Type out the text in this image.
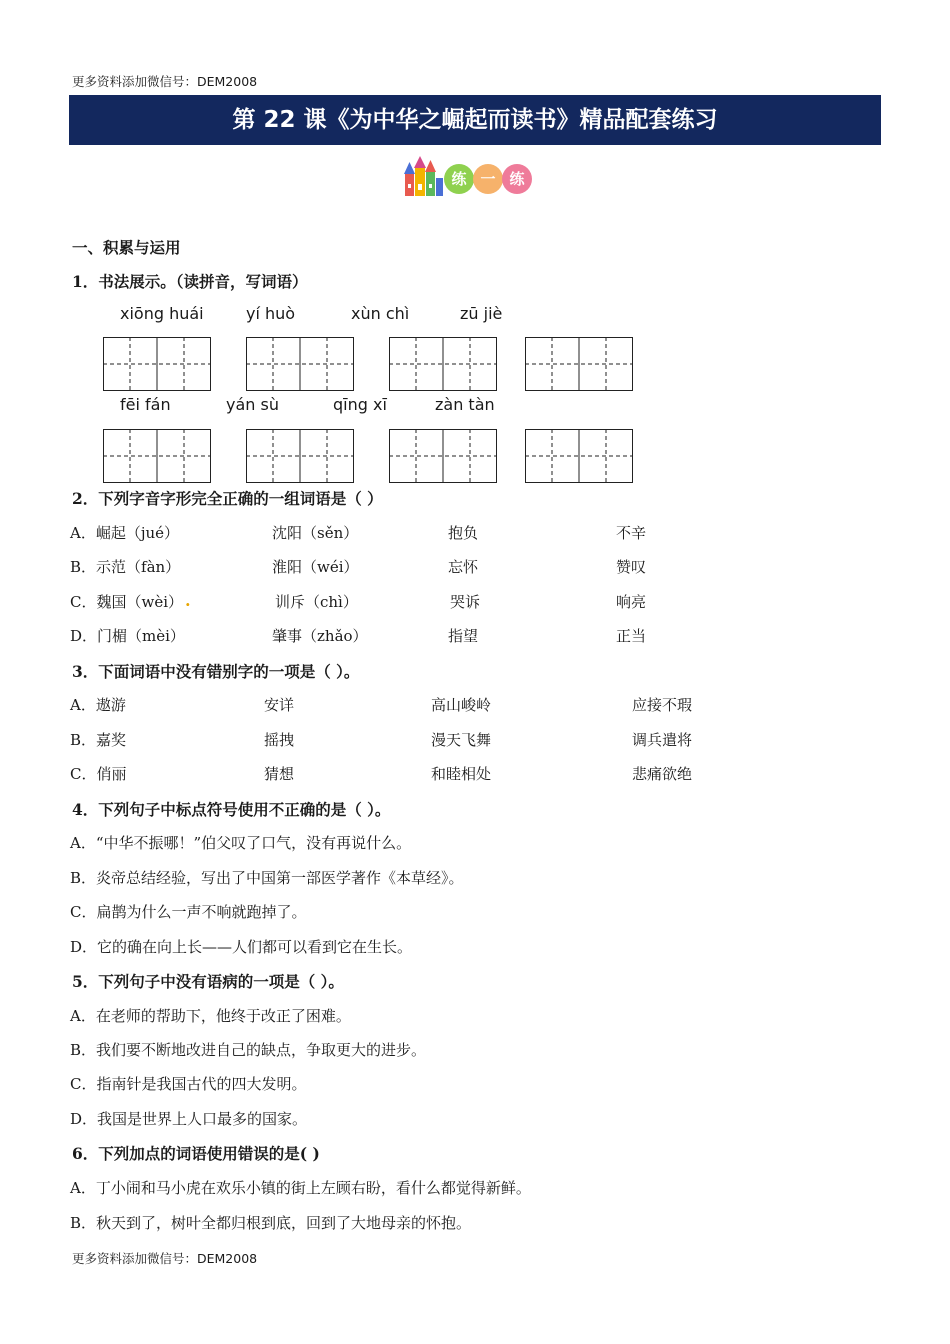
更多资料添加微信号：DEM2008
第 22 课《为中华之崛起而读书》精品配套练习
练 一 练
一、积累与运用
1．书法展示。（读拼音，写词语）
xiōng huái	yí huò	xùn chì	zū jiè
fēi fán	yán sù	qīng xī	zàn tàn
2．下列字音字形完全正确的一组词语是（ ）
A．崛起（jué）	沈阳（sěn）	抱负	不辛
B．示范（fàn）	淮阳（wéi）	忘怀	赞叹
C．魏国（wèi） .	训斥（chì）	哭诉	响亮
D．门楣（mèi）	肇事（zhǎo）	指望	正当
3．下面词语中没有错别字的一项是（ ）。
A．遨游	安详	高山峻岭	应接不瑕
B．嘉奖	摇拽	漫天飞舞	调兵遣将
C．俏丽	猜想	和睦相处	悲痛欲绝
4．下列句子中标点符号使用不正确的是（ ）。
A．“中华不振哪！”伯父叹了口气，没有再说什么。
B．炎帝总结经验，写出了中国第一部医学著作《本草经》。
C．扁鹊为什么一声不响就跑掉了。
D．它的确在向上长——人们都可以看到它在生长。
5．下列句子中没有语病的一项是（ ）。
A．在老师的帮助下，他终于改正了困难。
B．我们要不断地改进自己的缺点，争取更大的进步。
C．指南针是我国古代的四大发明。
D．我国是世界上人口最多的国家。
6．下列加点的词语使用错误的是( )
A．丁小闹和马小虎在欢乐小镇的街上左顾右盼，看什么都觉得新鲜。
B．秋天到了，树叶全都归根到底，回到了大地母亲的怀抱。
更多资料添加微信号：DEM2008
